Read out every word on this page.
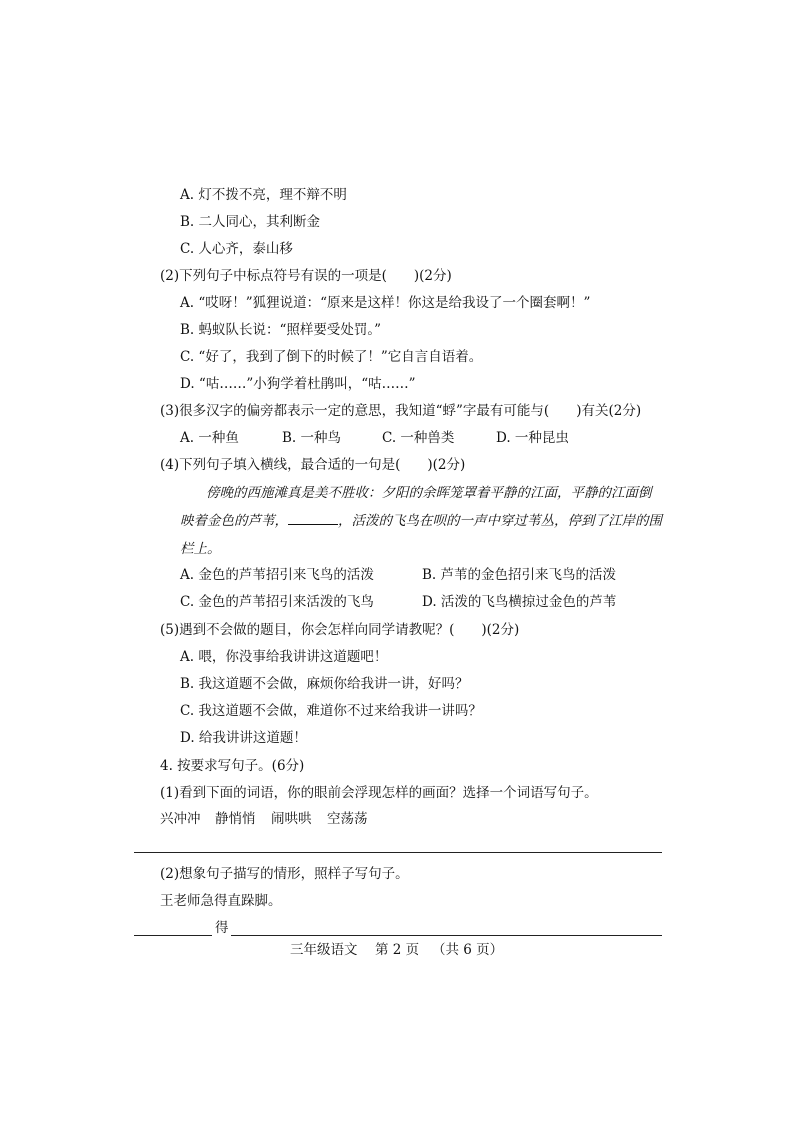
A. 灯不拨不亮，理不辩不明
B. 二人同心，其利断金
C. 人心齐，泰山移
(2)下列句子中标点符号有误的一项是(　　)(2分)
A. “哎呀！”狐狸说道：“原来是这样！你这是给我设了一个圈套啊！”
B. 蚂蚁队长说：“照样要受处罚。”
C. “好了，我到了倒下的时候了！”它自言自语着。
D. “咕……”小狗学着杜鹃叫，“咕……”
(3)很多汉字的偏旁都表示一定的意思，我知道“蜉”字最有可能与(　　)有关(2分)
A. 一种鱼	B. 一种鸟	C. 一种兽类	D. 一种昆虫
(4)下列句子填入横线，最合适的一句是(　　)(2分)
傍晚的西施滩真是美不胜收：夕阳的余晖笼罩着平静的江面，平静的江面倒
映着金色的芦苇，	，活泼的飞鸟在呗的一声中穿过苇丛，停到了江岸的围
栏上。
A. 金色的芦苇招引来飞鸟的活泼	B. 芦苇的金色招引来飞鸟的活泼
C. 金色的芦苇招引来活泼的飞鸟	D. 活泼的飞鸟横掠过金色的芦苇
(5)遇到不会做的题目，你会怎样向同学请教呢？(　　)(2分)
A. 喂，你没事给我讲讲这道题吧！
B. 我这道题不会做，麻烦你给我讲一讲，好吗？
C. 我这道题不会做，难道你不过来给我讲一讲吗？
D. 给我讲讲这道题！
4. 按要求写句子。(6分)
(1)看到下面的词语，你的眼前会浮现怎样的画面？选择一个词语写句子。
兴冲冲 静悄悄 闹哄哄 空荡荡
(2)想象句子描写的情形，照样子写句子。
王老师急得直跺脚。
得
三年级语文 第 2 页 （共 6 页）
